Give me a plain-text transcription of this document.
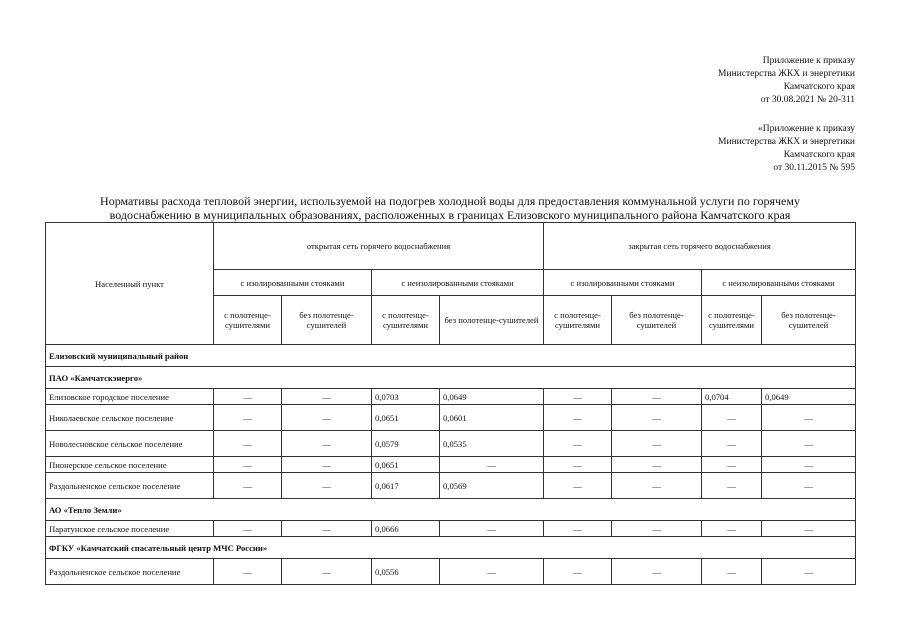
Приложение к приказу
Министерства ЖКХ и энергетики
Камчатского края
от 30.08.2021 № 20-311
«Приложение к приказу
Министерства ЖКХ и энергетики
Камчатского края
от 30.11.2015 № 595
Нормативы расхода тепловой энергии, используемой на подогрев холодной воды для предоставления коммунальной услуги по горячему
водоснабжению в муниципальных образованиях, расположенных в границах Елизовского муниципального района Камчатского края
Населенный пункт	открытая сеть горячего водоснабжения				закрытая сеть горячего водоснабжения			
	с изолированными стояками		с неизолированными стояками		с изолированными стояками		с неизолированными стояками	
	с полотенце-сушителями	без полотенце-сушителей	с полотенце-сушителями	без полотенце-сушителей	с полотенце-сушителями	без полотенце-сушителей	с полотенце-сушителями	без полотенце-сушителей
Елизовский муниципальный район								
ПАО «Камчатскэнерго»								
Елизовское городское поселение	—	—	0,0703	0,0649	—	—	0,0704	0,0649
Николаевское сельское поселение	—	—	0,0651	0,0601	—	—	—	—
Новолесновское сельское поселение	—	—	0,0579	0,0535	—	—	—	—
Пионерское сельское поселение	—	—	0,0651	—	—	—	—	—
Раздольненское сельское поселение	—	—	0,0617	0,0569	—	—	—	—
АО «Тепло Земли»								
Паратунское сельское поселение	—	—	0,0666	—	—	—	—	—
ФГКУ «Камчатский спасательный центр МЧС России»								
Раздольненское сельское поселение	—	—	0,0556	—	—	—	—	—
